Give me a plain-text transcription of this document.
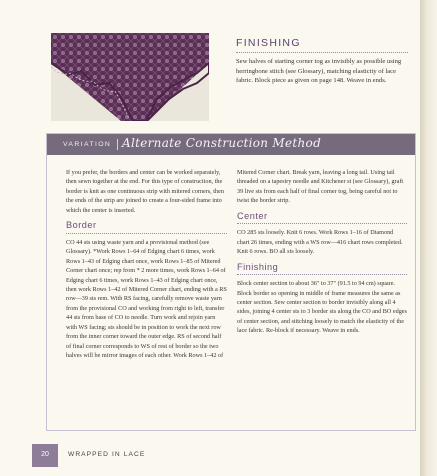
FINISHING
Sew halves of starting corner tog as invisibly as possible using herringbone stitch (see Glossary), matching elasticity of lace fabric. Block piece as given on page 148. Weave in ends.
VARIATION Alternate Construction Method

If you prefer, the borders and center can be worked separately, then sewn together at the end. For this type of construction, the border is knit as one continuous strip with mitered corners, then the ends of the strip are joined to create a four-sided frame into which the center is inserted.

Border

CO 44 sts using waste yarn and a provisional method (see Glossary). *Work Rows 1–64 of Edging chart 6 times, work Rows 1–43 of Edging chart once, work Rows 1–85 of Mitered Corner chart once; rep from * 2 more times, work Rows 1–64 of Edging chart 6 times, work Rows 1–43 of Edging chart once, then work Rows 1–42 of Mitered Corner chart, ending with a RS row—39 sts rem. With RS facing, carefully remove waste yarn from the provisional CO and working from right to left, transfer 44 sts from base of CO to needle. Turn work and rejoin yarn with WS facing; sts should be in position to work the next row from the inner corner toward the outer edge. RS of second half of final corner corresponds to WS of rest of border so the two halves will be mirror images of each other. Work Rows 1–42 of

Mitered Corner chart. Break yarn, leaving a long tail. Using tail threaded on a tapestry needle and Kitchener st (see Glossary), graft 39 live sts from each half of final corner tog, being careful not to twist the border strip.

Center

CO 285 sts loosely. Knit 6 rows. Work Rows 1–16 of Diamond chart 26 times, ending with a WS row—416 chart rows completed. Knit 6 rows. BO all sts loosely.

Finishing

Block center section to about 36" to 37" (91.5 to 94 cm) square. Block border so opening in middle of frame measures the same as center section. Sew center section to border invisibly along all 4 sides, joining 4 center sts to 3 border sts along the CO and BO edges of center section, and stitching loosely to match the elasticity of the lace fabric. Re-block if necessary. Weave in ends.

20	WRAPPED IN LACE
